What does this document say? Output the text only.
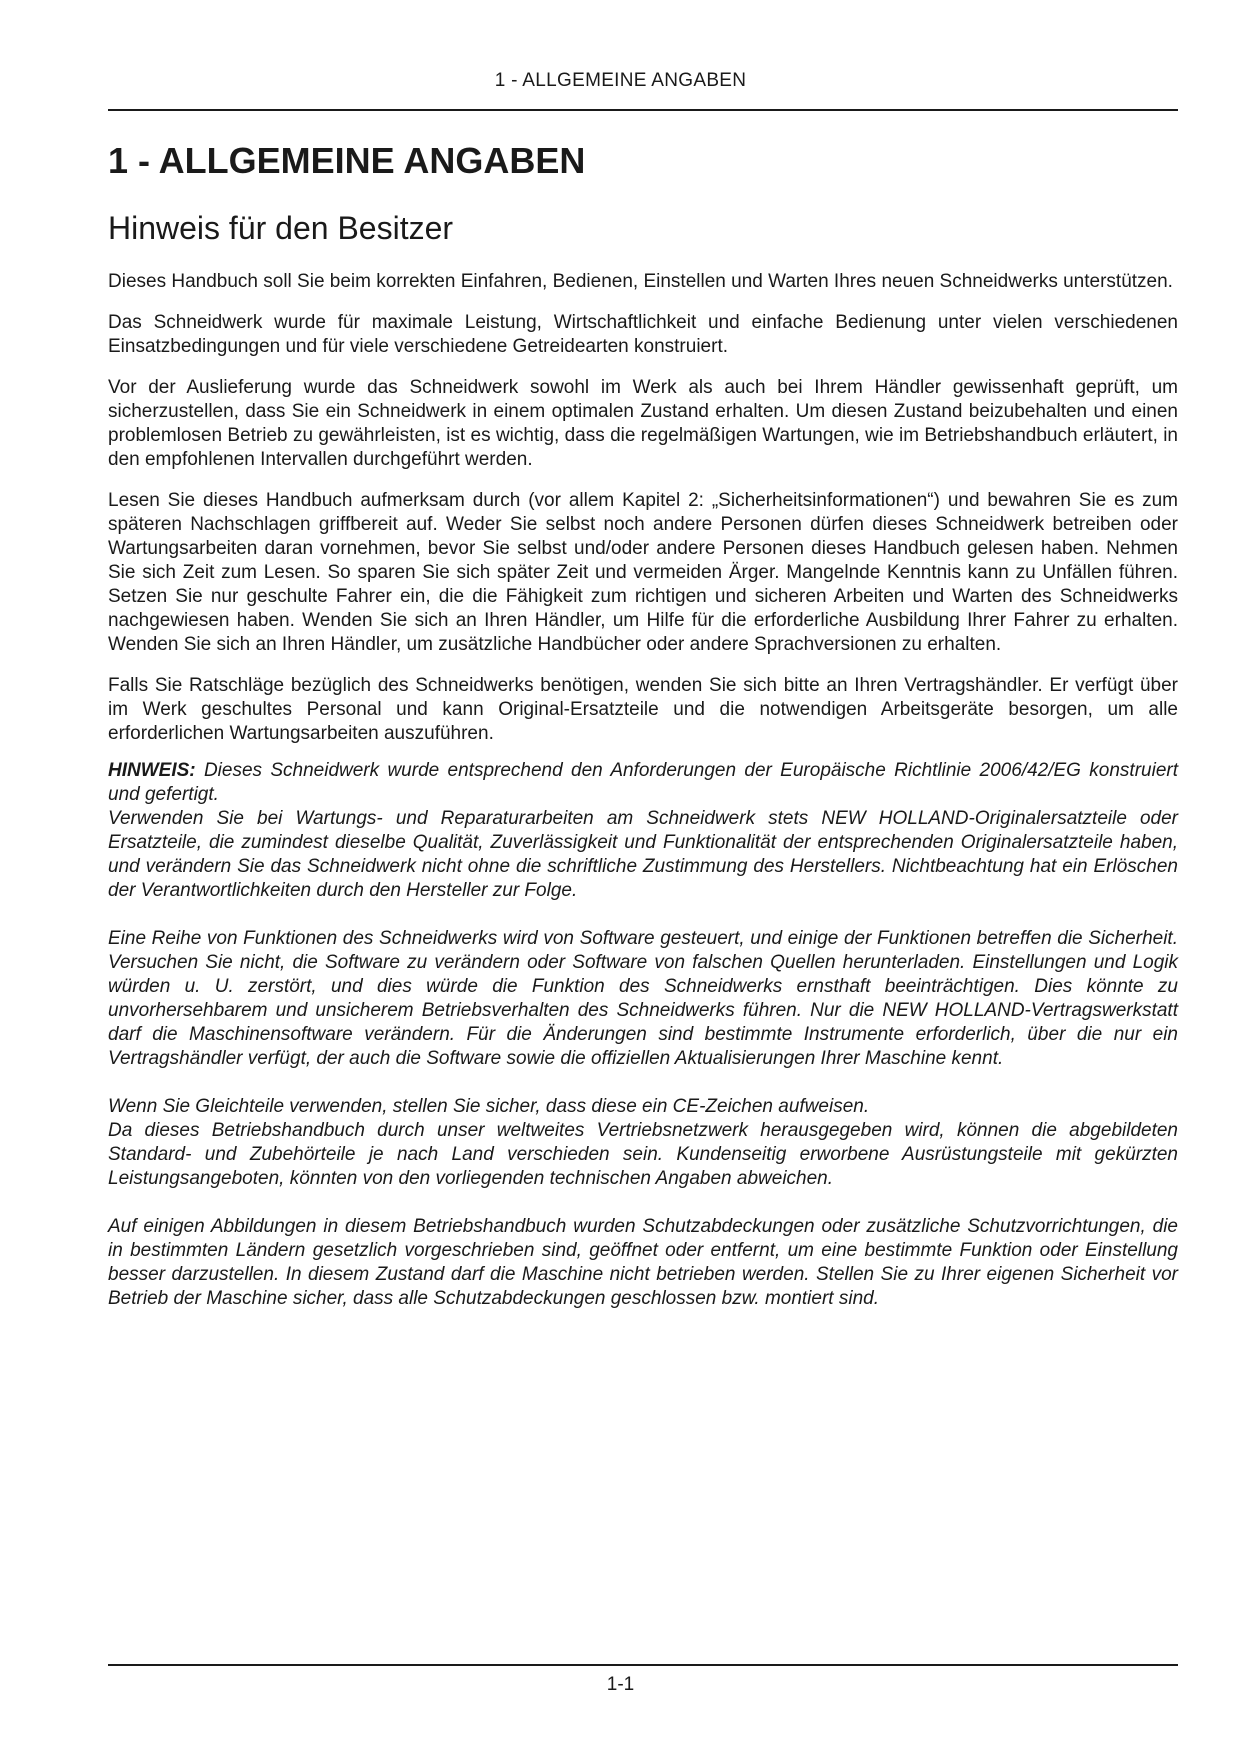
1 - ALLGEMEINE ANGABEN
1 - ALLGEMEINE ANGABEN
Hinweis für den Besitzer

Dieses Handbuch soll Sie beim korrekten Einfahren, Bedienen, Einstellen und Warten Ihres neuen Schneidwerks unterstützen.

Das Schneidwerk wurde für maximale Leistung, Wirtschaftlichkeit und einfache Bedienung unter vielen verschiedenen Einsatzbedingungen und für viele verschiedene Getreidearten konstruiert.

Vor der Auslieferung wurde das Schneidwerk sowohl im Werk als auch bei Ihrem Händler gewissenhaft geprüft, um sicherzustellen, dass Sie ein Schneidwerk in einem optimalen Zustand erhalten. Um diesen Zustand beizubehalten und einen problemlosen Betrieb zu gewährleisten, ist es wichtig, dass die regelmäßigen Wartungen, wie im Betriebshandbuch erläutert, in den empfohlenen Intervallen durchgeführt werden.

Lesen Sie dieses Handbuch aufmerksam durch (vor allem Kapitel 2: „Sicherheitsinformationen“) und bewahren Sie es zum späteren Nachschlagen griffbereit auf. Weder Sie selbst noch andere Personen dürfen dieses Schneidwerk betreiben oder Wartungsarbeiten daran vornehmen, bevor Sie selbst und/oder andere Personen dieses Handbuch gelesen haben. Nehmen Sie sich Zeit zum Lesen. So sparen Sie sich später Zeit und vermeiden Ärger. Mangelnde Kenntnis kann zu Unfällen führen. Setzen Sie nur geschulte Fahrer ein, die die Fähigkeit zum richtigen und sicheren Arbeiten und Warten des Schneidwerks nachgewiesen haben. Wenden Sie sich an Ihren Händler, um Hilfe für die erforderliche Ausbildung Ihrer Fahrer zu erhalten. Wenden Sie sich an Ihren Händler, um zusätzliche Handbücher oder andere Sprachversionen zu erhalten.

Falls Sie Ratschläge bezüglich des Schneidwerks benötigen, wenden Sie sich bitte an Ihren Vertragshändler. Er verfügt über im Werk geschultes Personal und kann Original-Ersatzteile und die notwendigen Arbeitsgeräte besorgen, um alle erforderlichen Wartungsarbeiten auszuführen.

HINWEIS: Dieses Schneidwerk wurde entsprechend den Anforderungen der Europäische Richtlinie 2006/42/EG konstruiert und gefertigt.

Verwenden Sie bei Wartungs- und Reparaturarbeiten am Schneidwerk stets NEW HOLLAND-Originalersatzteile oder Ersatzteile, die zumindest dieselbe Qualität, Zuverlässigkeit und Funktionalität der entsprechenden Originalersatzteile haben, und verändern Sie das Schneidwerk nicht ohne die schriftliche Zustimmung des Herstellers. Nichtbeachtung hat ein Erlöschen der Verantwortlichkeiten durch den Hersteller zur Folge.

Eine Reihe von Funktionen des Schneidwerks wird von Software gesteuert, und einige der Funktionen betreffen die Sicherheit. Versuchen Sie nicht, die Software zu verändern oder Software von falschen Quellen herunterladen. Einstellungen und Logik würden u. U. zerstört, und dies würde die Funktion des Schneidwerks ernsthaft beeinträchtigen. Dies könnte zu unvorhersehbarem und unsicherem Betriebsverhalten des Schneidwerks führen. Nur die NEW HOLLAND-Vertragswerkstatt darf die Maschinensoftware verändern. Für die Änderungen sind bestimmte Instrumente erforderlich, über die nur ein Vertragshändler verfügt, der auch die Software sowie die offiziellen Aktualisierungen Ihrer Maschine kennt.

Wenn Sie Gleichteile verwenden, stellen Sie sicher, dass diese ein CE-Zeichen aufweisen.

Da dieses Betriebshandbuch durch unser weltweites Vertriebsnetzwerk herausgegeben wird, können die abgebildeten Standard- und Zubehörteile je nach Land verschieden sein. Kundenseitig erworbene Ausrüstungsteile mit gekürzten Leistungsangeboten, könnten von den vorliegenden technischen Angaben abweichen.

Auf einigen Abbildungen in diesem Betriebshandbuch wurden Schutzabdeckungen oder zusätzliche Schutzvorrichtungen, die in bestimmten Ländern gesetzlich vorgeschrieben sind, geöffnet oder entfernt, um eine bestimmte Funktion oder Einstellung besser darzustellen. In diesem Zustand darf die Maschine nicht betrieben werden. Stellen Sie zu Ihrer eigenen Sicherheit vor Betrieb der Maschine sicher, dass alle Schutzabdeckungen geschlossen bzw. montiert sind.

1-1
